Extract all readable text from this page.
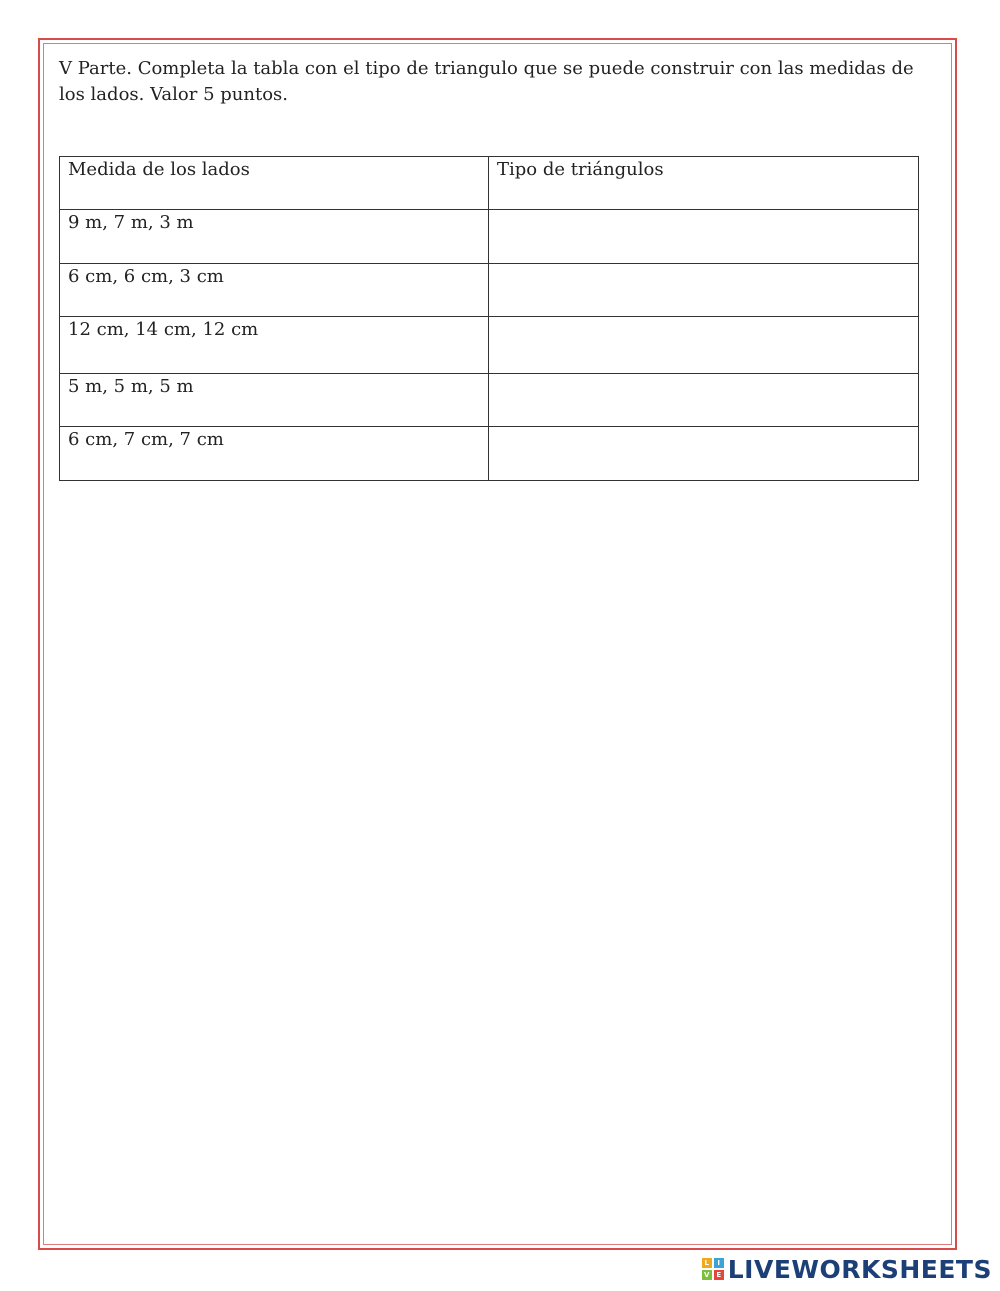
V Parte. Completa la tabla con el tipo de triangulo que se puede construir con las medidas de los lados. Valor 5 puntos.
Medida de los lados	Tipo de triángulos
9 m, 7 m, 3 m	
6 cm, 6 cm, 3 cm	
12 cm, 14 cm, 12 cm	
5 m, 5 m, 5 m	
6 cm, 7 cm, 7 cm	
L	I
V E LIVEWORKSHEETS
